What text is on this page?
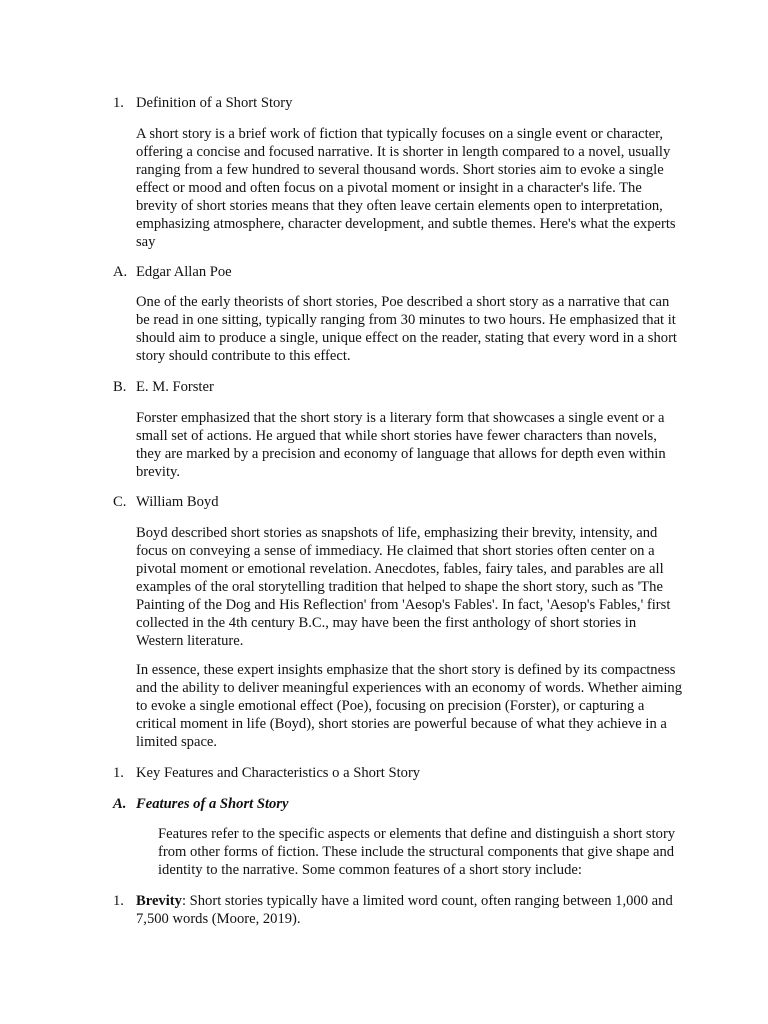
1. Definition of a Short Story

A short story is a brief work of fiction that typically focuses on a single event or character, offering a concise and focused narrative. It is shorter in length compared to a novel, usually ranging from a few hundred to several thousand words. Short stories aim to evoke a single effect or mood and often focus on a pivotal moment or insight in a character's life. The brevity of short stories means that they often leave certain elements open to interpretation, emphasizing atmosphere, character development, and subtle themes. Here's what the experts say

A. Edgar Allan Poe

One of the early theorists of short stories, Poe described a short story as a narrative that can be read in one sitting, typically ranging from 30 minutes to two hours. He emphasized that it should aim to produce a single, unique effect on the reader, stating that every word in a short story should contribute to this effect.

B. E. M. Forster

Forster emphasized that the short story is a literary form that showcases a single event or a small set of actions. He argued that while short stories have fewer characters than novels, they are marked by a precision and economy of language that allows for depth even within brevity.

C. William Boyd

Boyd described short stories as snapshots of life, emphasizing their brevity, intensity, and focus on conveying a sense of immediacy. He claimed that short stories often center on a pivotal moment or emotional revelation. Anecdotes, fables, fairy tales, and parables are all examples of the oral storytelling tradition that helped to shape the short story, such as 'The Painting of the Dog and His Reflection' from 'Aesop's Fables'. In fact, 'Aesop's Fables,' first collected in the 4th century B.C., may have been the first anthology of short stories in Western literature.

In essence, these expert insights emphasize that the short story is defined by its compactness and the ability to deliver meaningful experiences with an economy of words. Whether aiming to evoke a single emotional effect (Poe), focusing on precision (Forster), or capturing a critical moment in life (Boyd), short stories are powerful because of what they achieve in a limited space.

1. Key Features and Characteristics o a Short Story
A. Features of a Short Story

Features refer to the specific aspects or elements that define and distinguish a short story from other forms of fiction. These include the structural components that give shape and identity to the narrative. Some common features of a short story include:

1. Brevity: Short stories typically have a limited word count, often ranging between 1,000 and 7,500 words (Moore, 2019).
